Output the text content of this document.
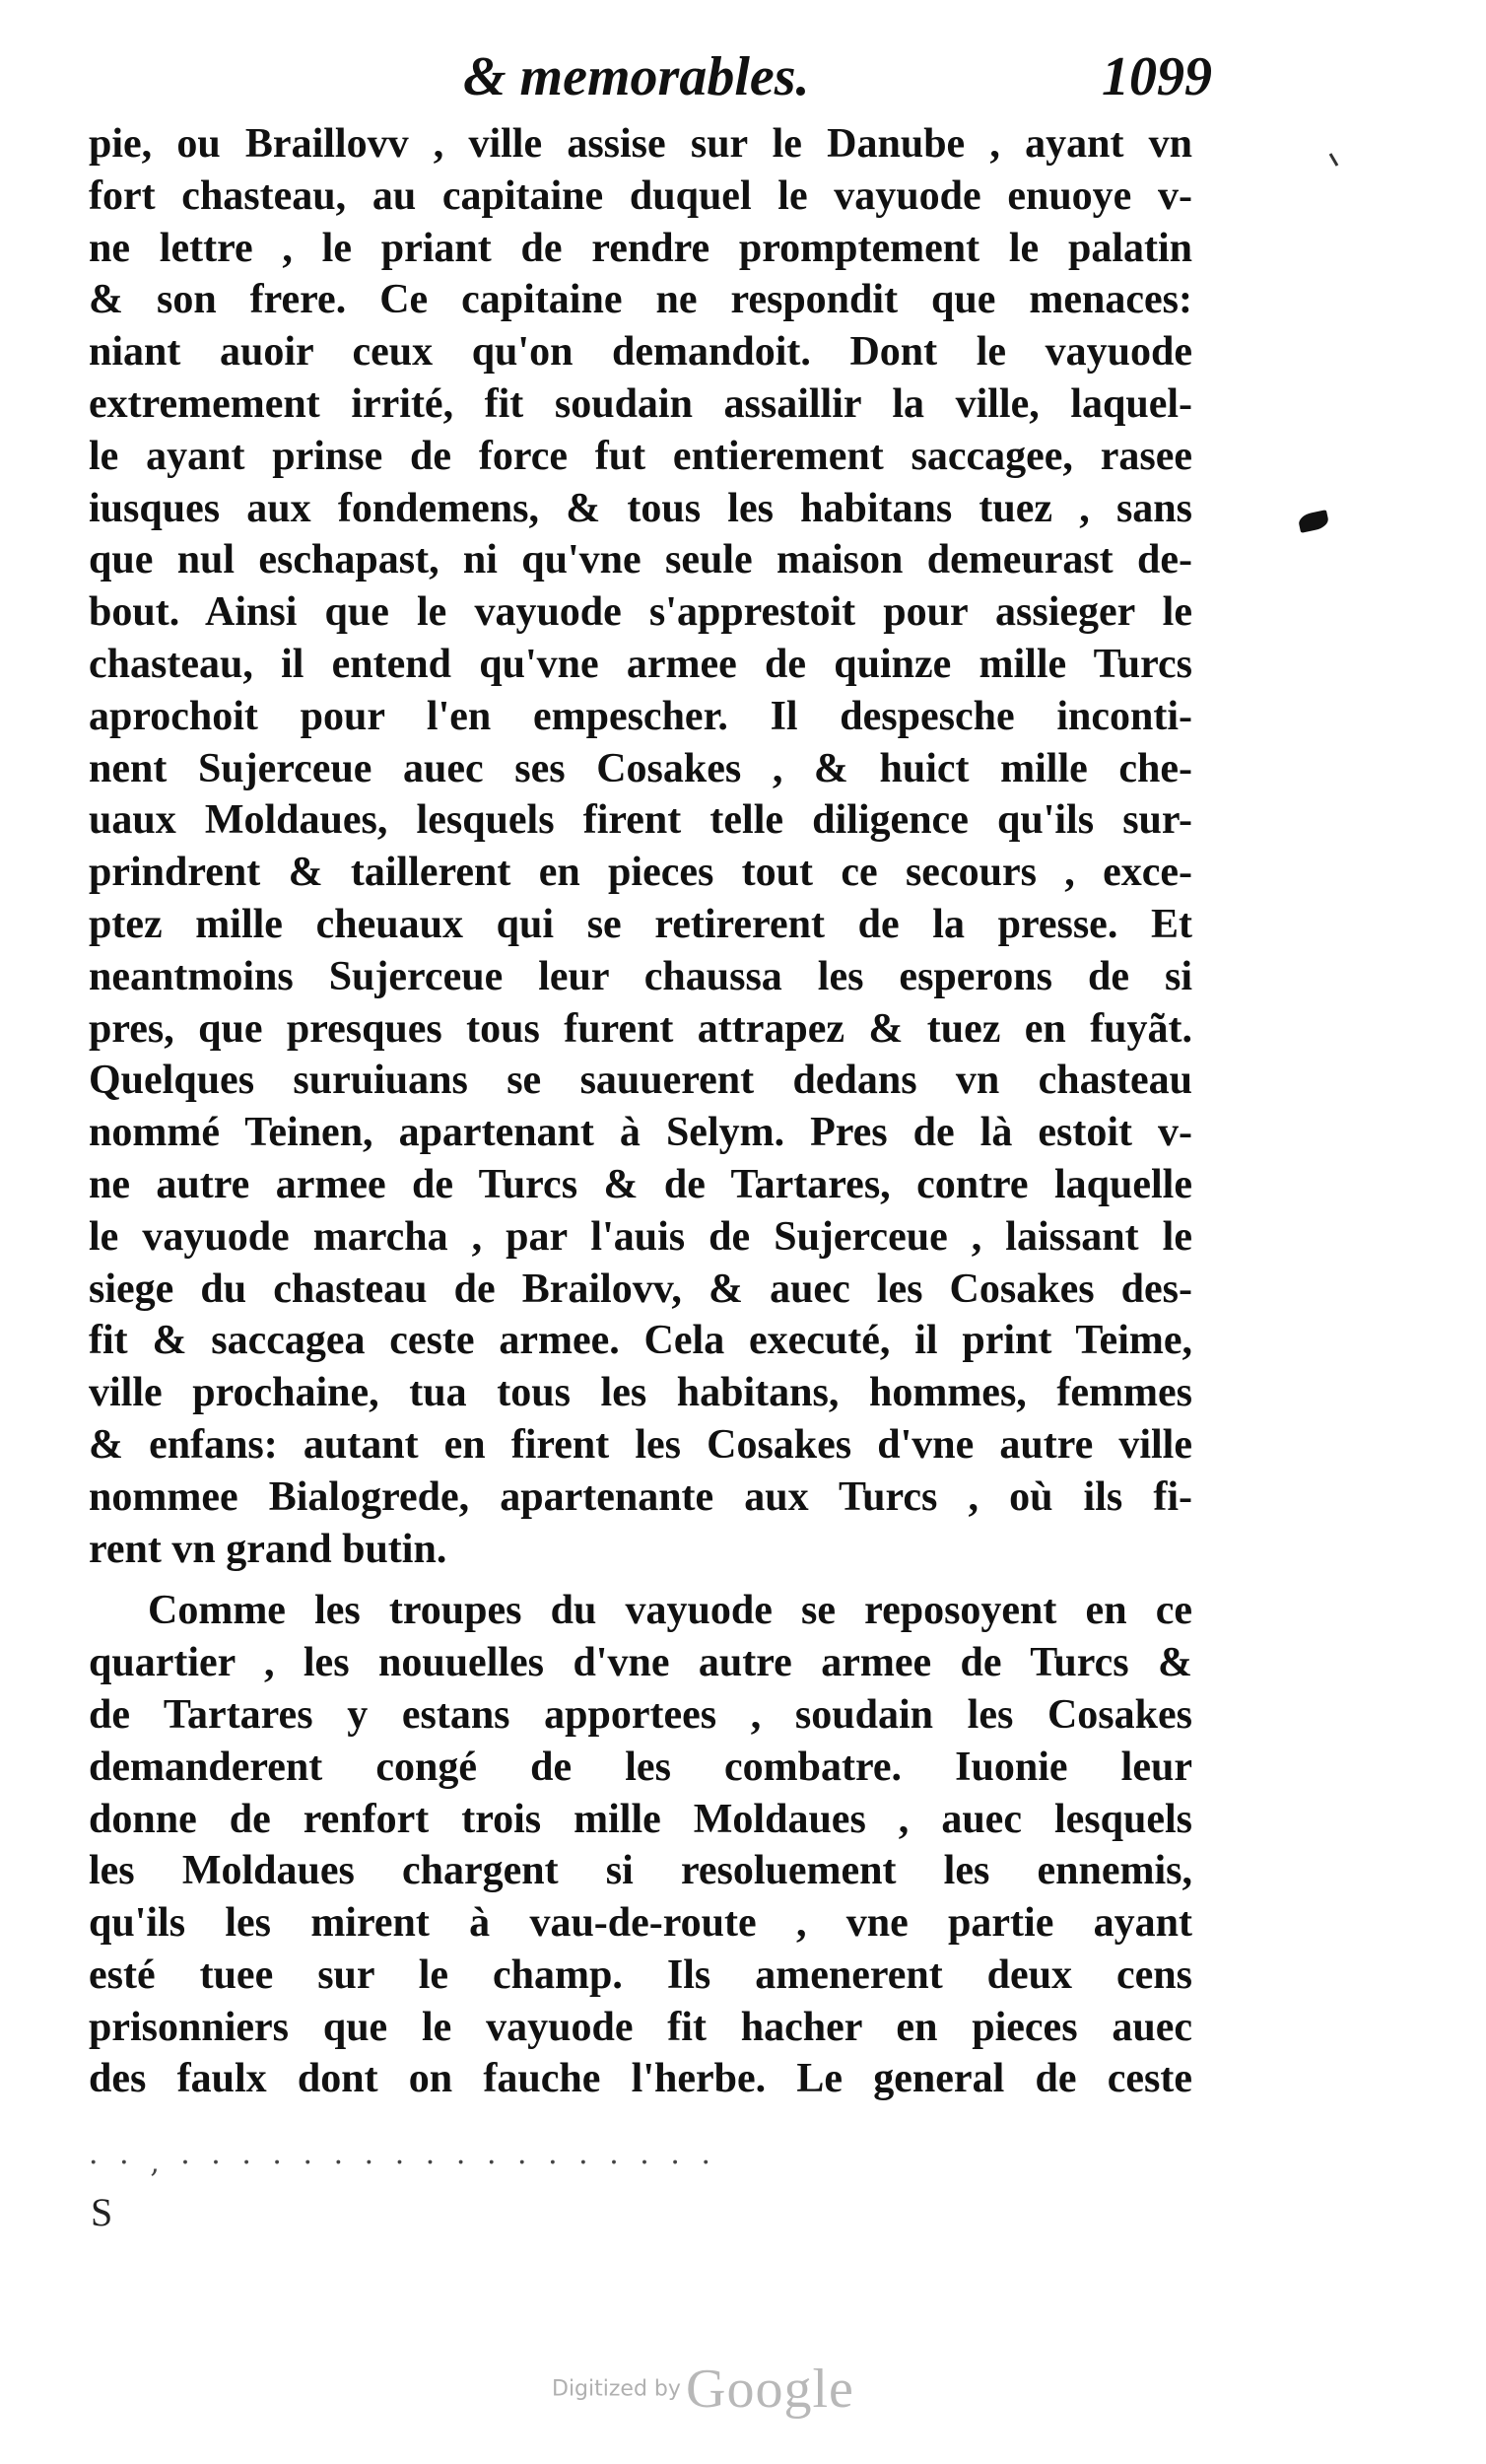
& memorables.	1099
pie, ou Braillovv , ville assise sur le Danube , ayant vn
fort chasteau, au capitaine duquel le vayuode enuoye v-
ne lettre , le priant de rendre promptement le palatin
& son frere. Ce capitaine ne respondit que menaces:
niant auoir ceux qu'on demandoit. Dont le vayuode
extremement irrité, fit soudain assaillir la ville, laquel-
le ayant prinse de force fut entierement saccagee, rasee
iusques aux fondemens, & tous les habitans tuez , sans
que nul eschapast, ni qu'vne seule maison demeurast de-
bout. Ainsi que le vayuode s'apprestoit pour assieger le
chasteau, il entend qu'vne armee de quinze mille Turcs
aprochoit pour l'en empescher. Il despesche inconti-
nent Sujerceue auec ses Cosakes , & huict mille che-
uaux Moldaues, lesquels firent telle diligence qu'ils sur-
prindrent & taillerent en pieces tout ce secours , exce-
ptez mille cheuaux qui se retirerent de la presse. Et
neantmoins Sujerceue leur chaussa les esperons de si
pres, que presques tous furent attrapez & tuez en fuyãt.
Quelques suruiuans se sauuerent dedans vn chasteau
nommé Teinen, apartenant à Selym. Pres de là estoit v-
ne autre armee de Turcs & de Tartares, contre laquelle
le vayuode marcha , par l'auis de Sujerceue , laissant le
siege du chasteau de Brailovv, & auec les Cosakes des-
fit & saccagea ceste armee. Cela executé, il print Teime,
ville prochaine, tua tous les habitans, hommes, femmes
& enfans: autant en firent les Cosakes d'vne autre ville
nommee Bialogrede, apartenante aux Turcs , où ils fi-
rent vn grand butin.
Comme les troupes du vayuode se reposoyent en ce
quartier , les nouuelles d'vne autre armee de Turcs &
de Tartares y estans apportees , soudain les Cosakes
demanderent congé de les combatre. Iuonie leur
donne de renfort trois mille Moldaues , auec lesquels
les Moldaues chargent si resoluement les ennemis,
qu'ils les mirent à vau-de-route , vne partie ayant
esté tuee sur le champ. Ils amenerent deux cens
prisonniers que le vayuode fit hacher en pieces auec
des faulx dont on fauche l'herbe. Le general de ceste
· · ‚ · · · · · · · · · · · · · · · · · ·
S
Digitized by Google
